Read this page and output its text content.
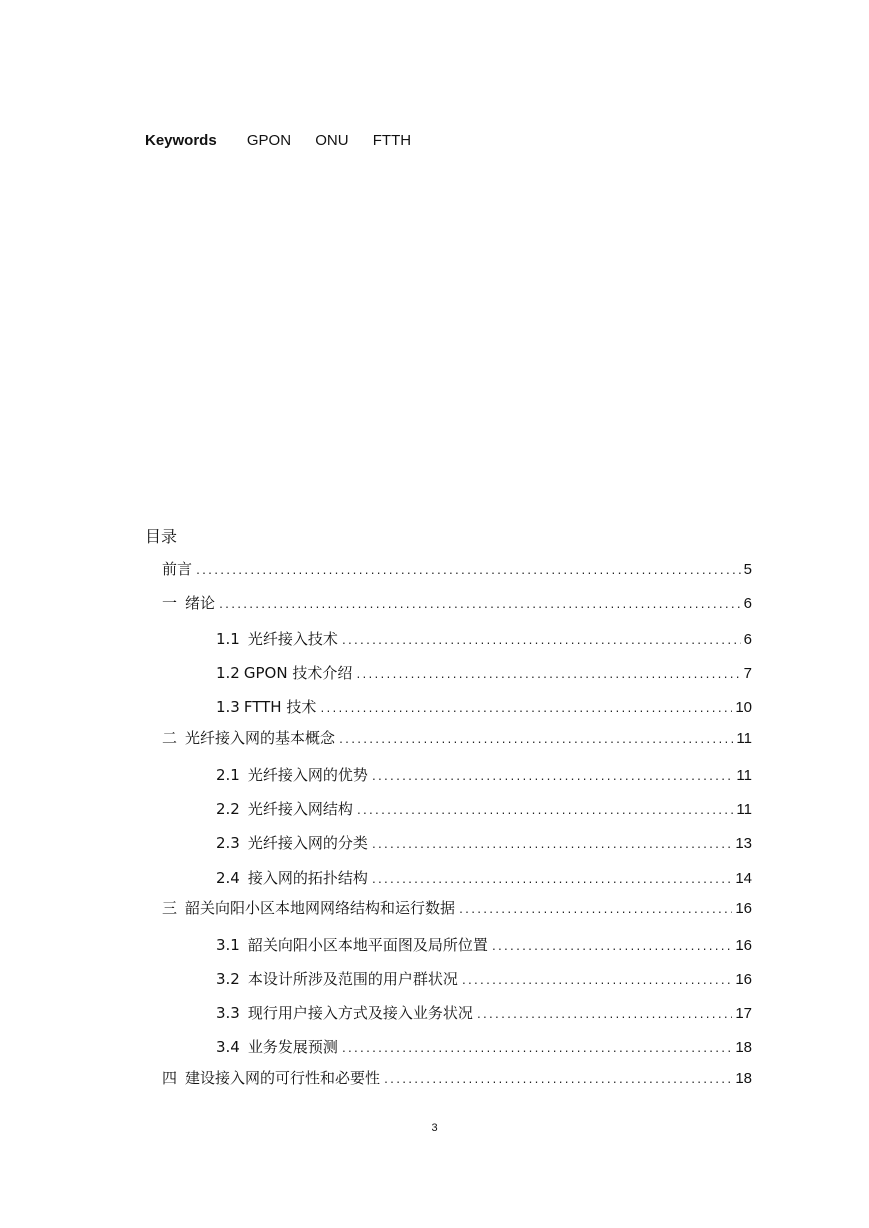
Keywords GPON ONU FTTH
目录
前言 .....	5
一 绪论 .....	6
1.1 光纤接入技术 .....	6
1.2 GPON 技术介绍 .....	7
1.3 FTTH 技术 .....	10
二 光纤接入网的基本概念 .....	11
2.1 光纤接入网的优势 .....	11
2.2 光纤接入网结构 .....	11
2.3 光纤接入网的分类 .....	13
2.4 接入网的拓扑结构 .....	14
三 韶关向阳小区本地网网络结构和运行数据 .....	16
3.1 韶关向阳小区本地平面图及局所位置 .....	16
3.2 本设计所涉及范围的用户群状况 .....	16
3.3 现行用户接入方式及接入业务状况 .....	17
3.4 业务发展预测 .....	18
四 建设接入网的可行性和必要性 .....	18
3
